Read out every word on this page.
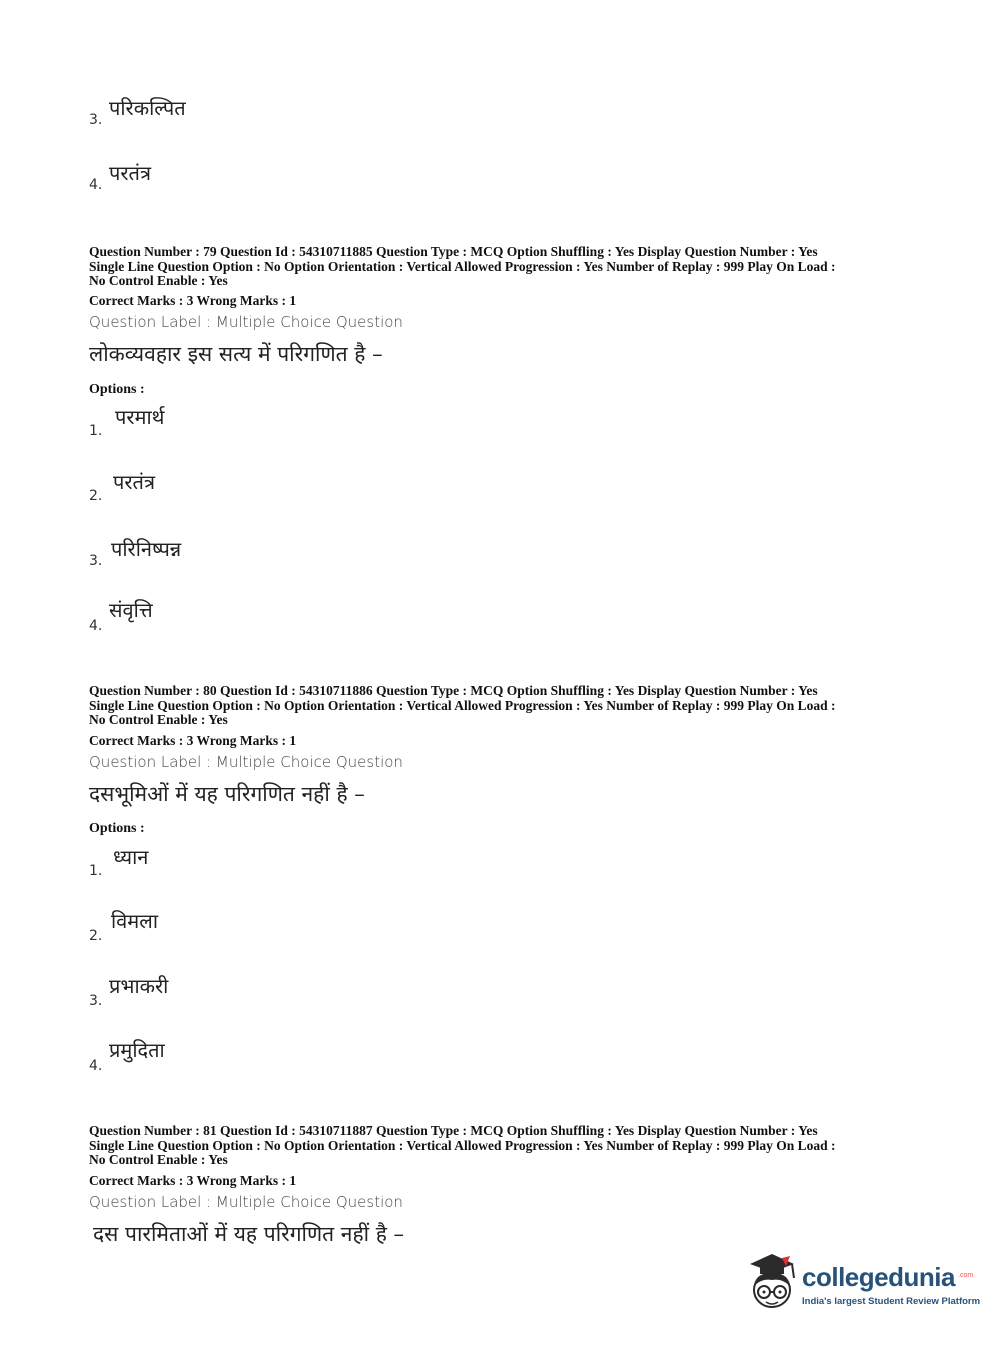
3. परिकल्पित
4. परतंत्र
Question Number : 79 Question Id : 54310711885 Question Type : MCQ Option Shuffling : Yes Display Question Number : Yes
Single Line Question Option : No Option Orientation : Vertical Allowed Progression : Yes Number of Replay : 999 Play On Load :
No Control Enable : Yes
Correct Marks : 3 Wrong Marks : 1
Question Label : Multiple Choice Question
लोकव्यवहार इस सत्य में परिगणित है –
Options :
1.
परमार्थ
2.
परतंत्र
3. परिनिष्पन्न
4.
संवृत्ति
Question Number : 80 Question Id : 54310711886 Question Type : MCQ Option Shuffling : Yes Display Question Number : Yes
Single Line Question Option : No Option Orientation : Vertical Allowed Progression : Yes Number of Replay : 999 Play On Load :
No Control Enable : Yes
Correct Marks : 3 Wrong Marks : 1
Question Label : Multiple Choice Question
दसभूमिओं में यह परिगणित नहीं है –
Options :
1.
ध्यान
2.
विमला
3.
प्रभाकरी
4.
प्रमुदिता
Question Number : 81 Question Id : 54310711887 Question Type : MCQ Option Shuffling : Yes Display Question Number : Yes
Single Line Question Option : No Option Orientation : Vertical Allowed Progression : Yes Number of Replay : 999 Play On Load :
No Control Enable : Yes
Correct Marks : 3 Wrong Marks : 1
Question Label : Multiple Choice Question
दस पारमिताओं में यह परिगणित नहीं है –
collegedunia .com
India's largest Student Review Platform
